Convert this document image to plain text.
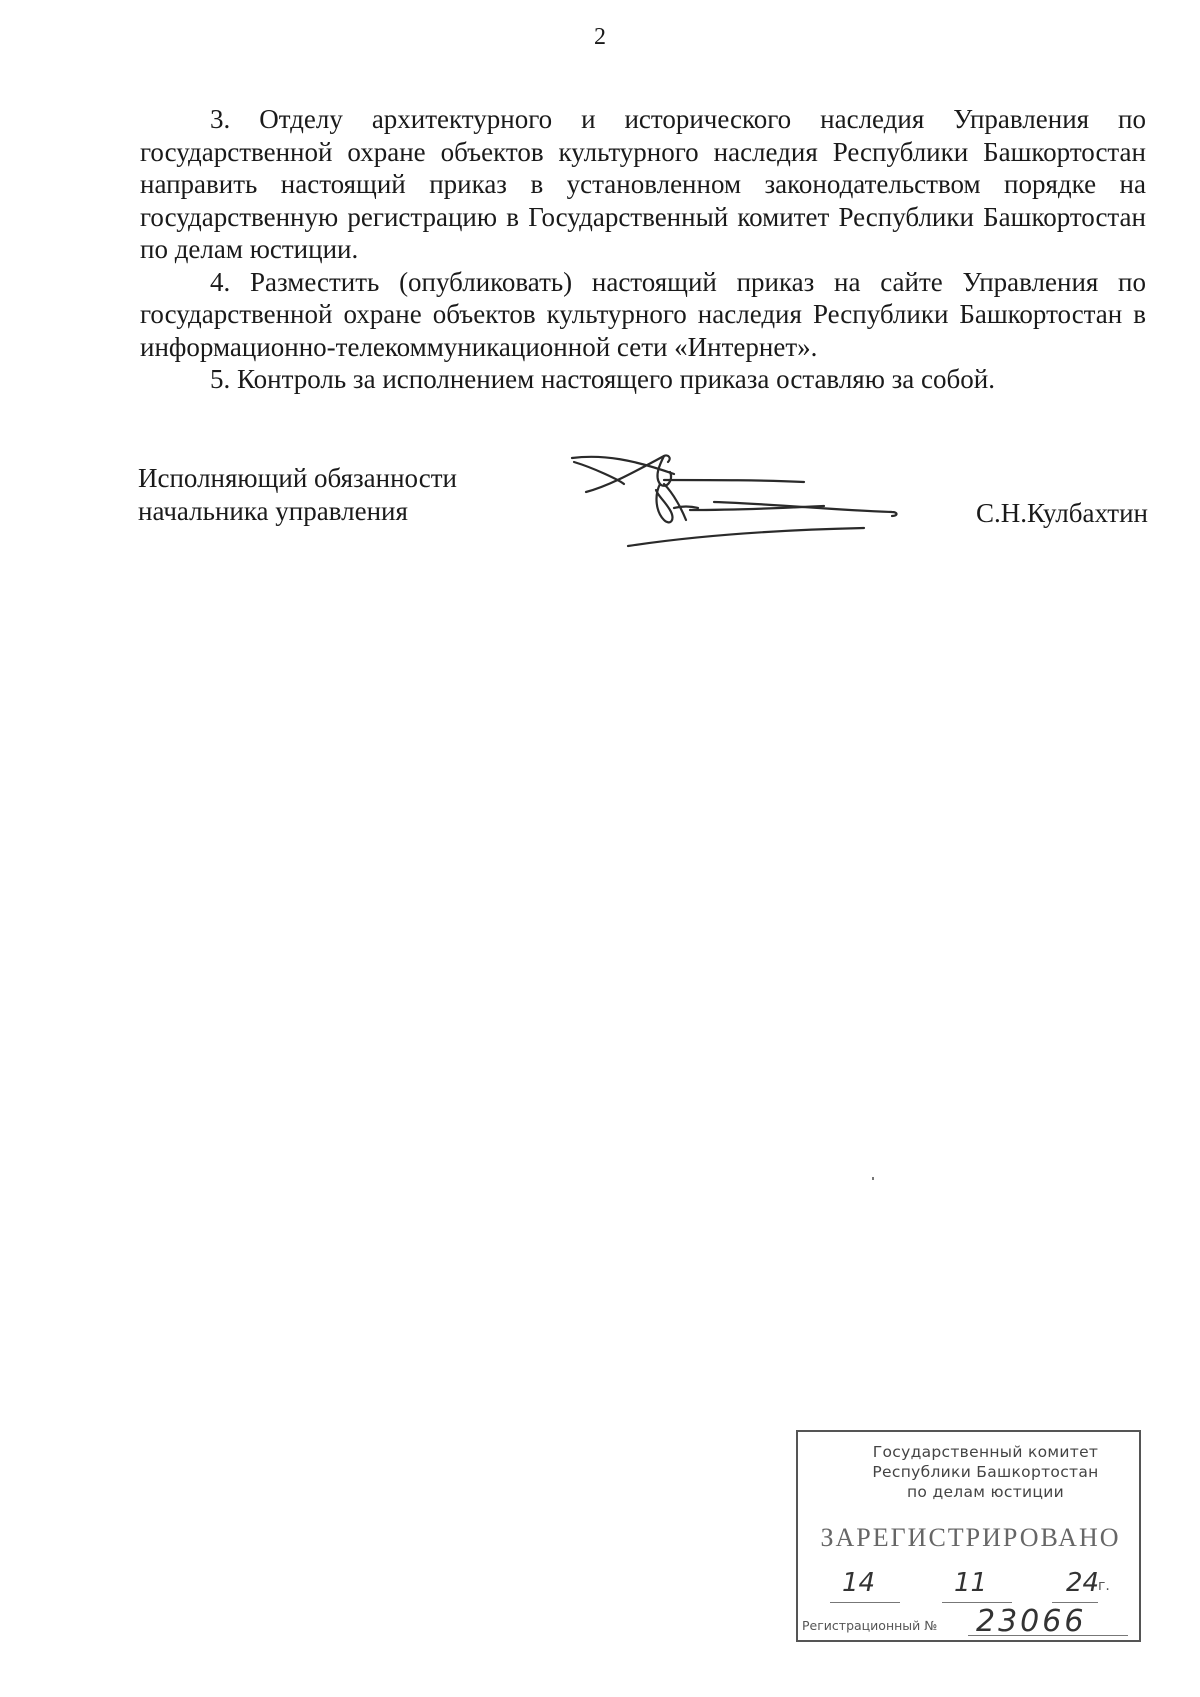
2

3. Отделу архитектурного и исторического наследия Управления по государственной охране объектов культурного наследия Республики Башкортостан направить настоящий приказ в установленном законодательством порядке на государственную регистрацию в Государственный комитет Республики Башкортостан по делам юстиции.

4. Разместить (опубликовать) настоящий приказ на сайте Управления по государственной охране объектов культурного наследия Республики Башкортостан в информационно-телекоммуникационной сети «Интернет».

5. Контроль за исполнением настоящего приказа оставляю за собой.

Исполняющий обязанности
начальника управления	С.Н.Кулбахтин
Государственный комитет
Республики Башкортостан
по делам юстиции
ЗАРЕГИСТРИРОВАНО
14	11	24
г.
Регистрационный № 23066
